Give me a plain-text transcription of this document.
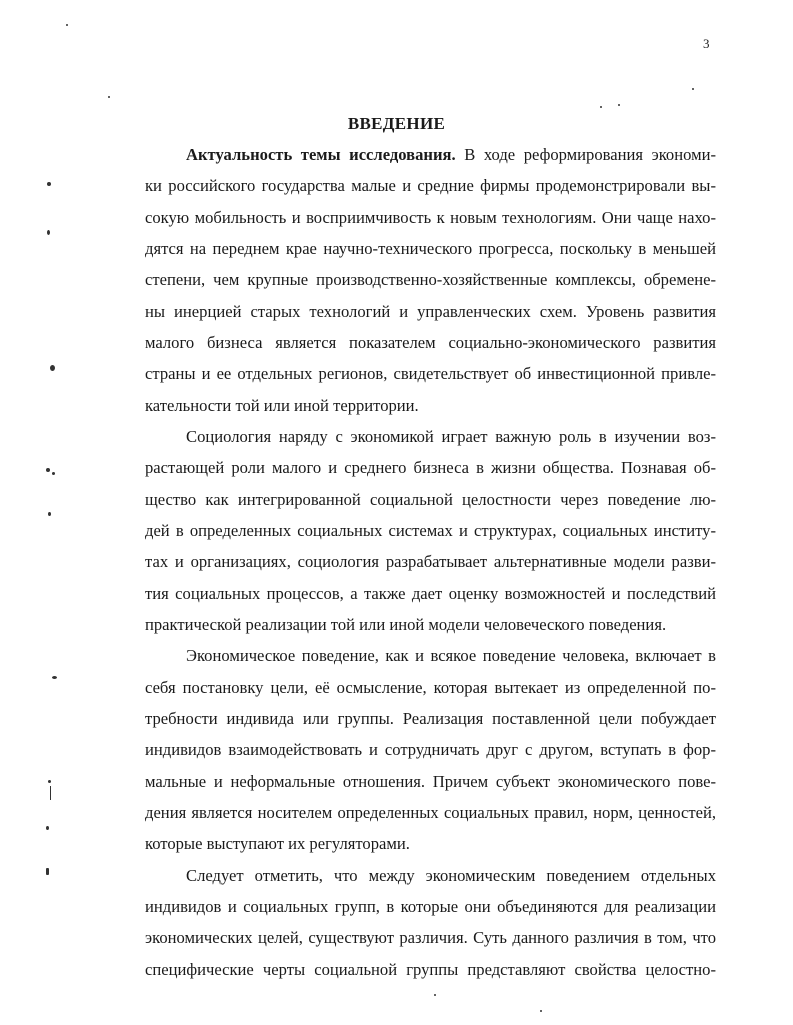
3
ВВЕДЕНИЕ
Актуальность темы исследования. В ходе реформирования экономи-
ки российского государства малые и средние фирмы продемонстрировали вы-
сокую мобильность и восприимчивость к новым технологиям. Они чаще нахо-
дятся на переднем крае научно-технического прогресса, поскольку в меньшей
степени, чем крупные производственно-хозяйственные комплексы, обремене-
ны инерцией старых технологий и управленческих схем. Уровень развития
малого бизнеса является показателем социально-экономического развития
страны и ее отдельных регионов, свидетельствует об инвестиционной привле-
кательности той или иной территории.
Социология наряду с экономикой играет важную роль в изучении воз-
растающей роли малого и среднего бизнеса в жизни общества. Познавая об-
щество как интегрированной социальной целостности через поведение лю-
дей в определенных социальных системах и структурах, социальных институ-
тах и организациях, социология разрабатывает альтернативные модели разви-
тия социальных процессов, а также дает оценку возможностей и последствий
практической реализации той или иной модели человеческого поведения.
Экономическое поведение, как и всякое поведение человека, включает в
себя постановку цели, её осмысление, которая вытекает из определенной по-
требности индивида или группы. Реализация поставленной цели побуждает
индивидов взаимодействовать и сотрудничать друг с другом, вступать в фор-
мальные и неформальные отношения. Причем субъект экономического пове-
дения является носителем определенных социальных правил, норм, ценностей,
которые выступают их регуляторами.
Следует отметить, что между экономическим поведением отдельных
индивидов и социальных групп, в которые они объединяются для реализации
экономических целей, существуют различия. Суть данного различия в том, что
специфические черты социальной группы представляют свойства целостно-
